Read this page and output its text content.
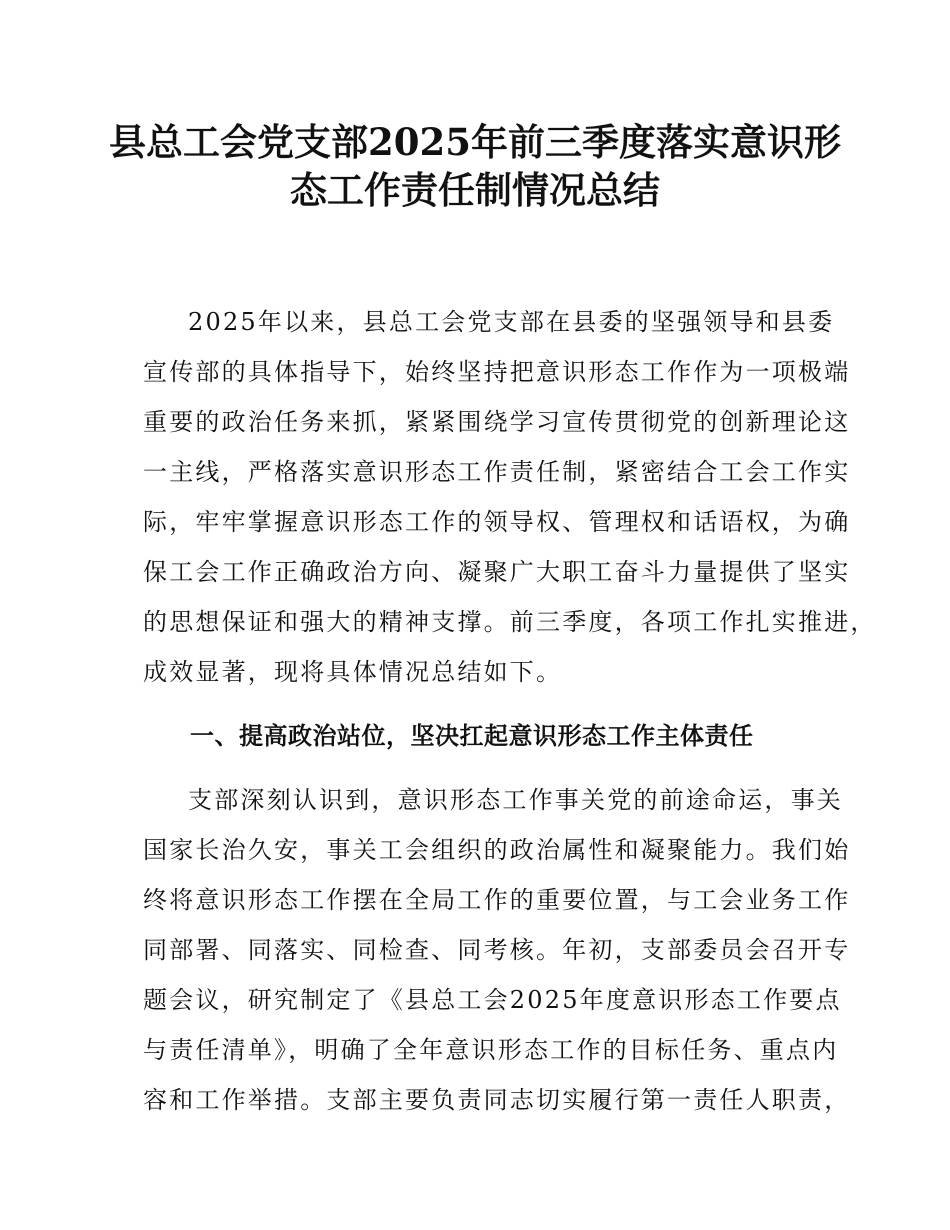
县总工会党支部2025年前三季度落实意识形
态工作责任制情况总结
2025年以来，县总工会党支部在县委的坚强领导和县委
宣传部的具体指导下，始终坚持把意识形态工作作为一项极端
重要的政治任务来抓，紧紧围绕学习宣传贯彻党的创新理论这
一主线，严格落实意识形态工作责任制，紧密结合工会工作实
际，牢牢掌握意识形态工作的领导权、管理权和话语权，为确
保工会工作正确政治方向、凝聚广大职工奋斗力量提供了坚实
的思想保证和强大的精神支撑。前三季度，各项工作扎实推进，
成效显著，现将具体情况总结如下。
一、提高政治站位，坚决扛起意识形态工作主体责任
支部深刻认识到，意识形态工作事关党的前途命运，事关
国家长治久安，事关工会组织的政治属性和凝聚能力。我们始
终将意识形态工作摆在全局工作的重要位置，与工会业务工作
同部署、同落实、同检查、同考核。年初，支部委员会召开专
题会议，研究制定了《县总工会2025年度意识形态工作要点
与责任清单》，明确了全年意识形态工作的目标任务、重点内
容和工作举措。支部主要负责同志切实履行第一责任人职责，
